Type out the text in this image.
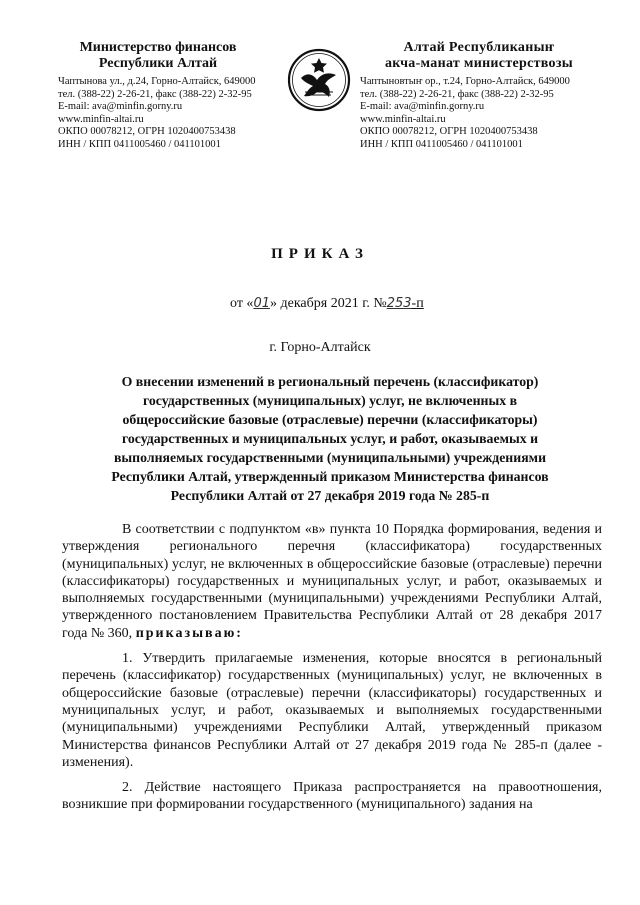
Министерство финансов
Республики Алтай
Чаптынова ул., д.24, Горно-Алтайск, 649000
тел. (388-22) 2-26-21, факс (388-22) 2-32-95
E-mail: ava@minfin.gorny.ru
www.minfin-altai.ru
ОКПО 00078212, ОГРН 1020400753438
ИНН / КПП 0411005460 / 041101001
Алтай Республиканыҥ
акча-манат министерствозы
Чаптыновтыҥ ор., т.24, Горно-Алтайск, 649000
тел. (388-22) 2-26-21, факс (388-22) 2-32-95
E-mail: ava@minfin.gorny.ru
www.minfin-altai.ru
ОКПО 00078212, ОГРН 1020400753438
ИНН / КПП 0411005460 / 041101001
ПРИКАЗ
от «01» декабря 2021 г. №253-п
г. Горно-Алтайск
О внесении изменений в региональный перечень (классификатор) государственных (муниципальных) услуг, не включенных в общероссийские базовые (отраслевые) перечни (классификаторы) государственных и муниципальных услуг, и работ, оказываемых и выполняемых государственными (муниципальными) учреждениями Республики Алтай, утвержденный приказом Министерства финансов Республики Алтай от 27 декабря 2019 года № 285-п

В соответствии с подпунктом «в» пункта 10 Порядка формирования, ведения и утверждения регионального перечня (классификатора) государственных (муниципальных) услуг, не включенных в общероссийские базовые (отраслевые) перечни (классификаторы) государственных и муниципальных услуг, и работ, оказываемых и выполняемых государственными (муниципальными) учреждениями Республики Алтай, утвержденного постановлением Правительства Республики Алтай от 28 декабря 2017 года № 360, приказываю:

1. Утвердить прилагаемые изменения, которые вносятся в региональный перечень (классификатор) государственных (муниципальных) услуг, не включенных в общероссийские базовые (отраслевые) перечни (классификаторы) государственных и муниципальных услуг, и работ, оказываемых и выполняемых государственными (муниципальными) учреждениями Республики Алтай, утвержденный приказом Министерства финансов Республики Алтай от 27 декабря 2019 года № 285-п (далее - изменения).

2. Действие настоящего Приказа распространяется на правоотношения, возникшие при формировании государственного (муниципального) задания на
